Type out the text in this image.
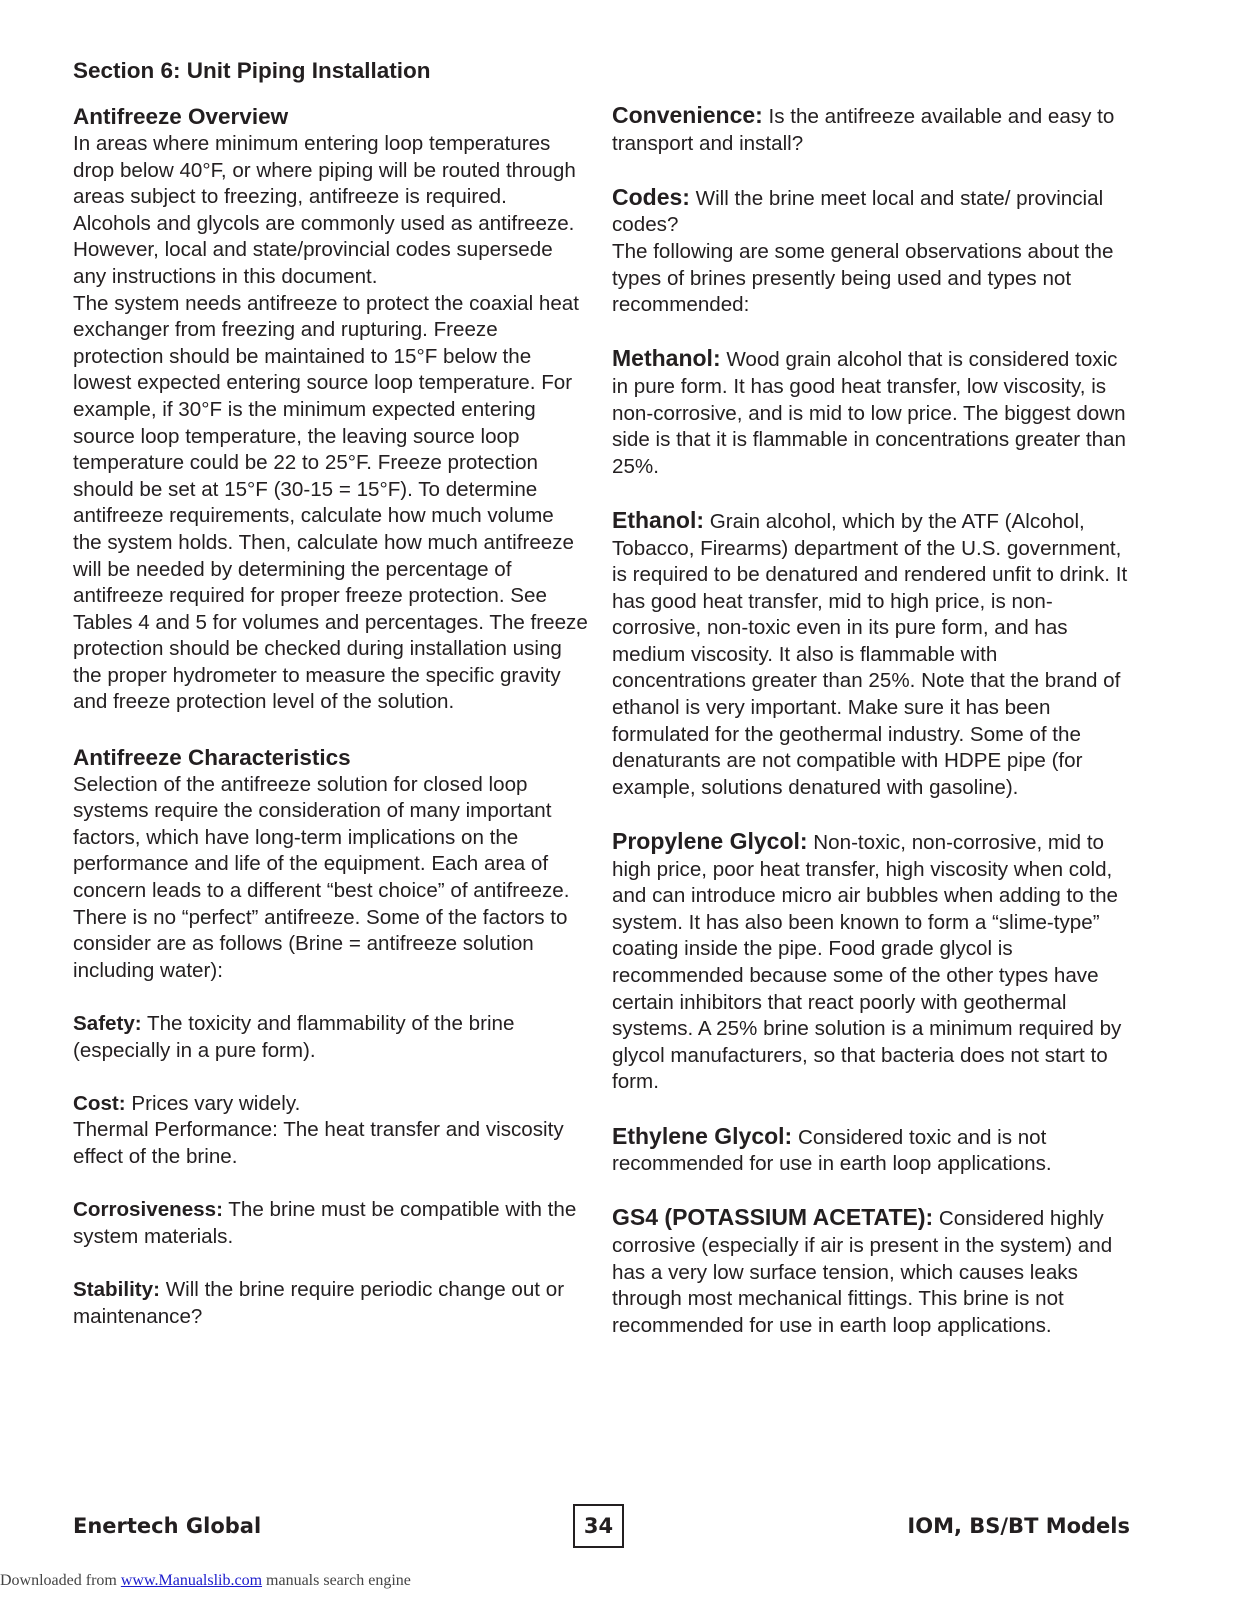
Section 6: Unit Piping Installation
Antifreeze Overview

In areas where minimum entering loop temperatures drop below 40°F, or where piping will be routed through areas subject to freezing, antifreeze is required. Alcohols and glycols are commonly used as antifreeze. However, local and state/provincial codes supersede any instructions in this document.

The system needs antifreeze to protect the coaxial heat exchanger from freezing and rupturing. Freeze protection should be maintained to 15°F below the lowest expected entering source loop temperature. For example, if 30°F is the minimum expected entering source loop temperature, the leaving source loop temperature could be 22 to 25°F. Freeze protection should be set at 15°F (30-15 = 15°F). To determine antifreeze requirements, calculate how much volume the system holds. Then, calculate how much antifreeze will be needed by determining the percentage of antifreeze required for proper freeze protection. See Tables 4 and 5 for volumes and percentages. The freeze protection should be checked during installation using the proper hydrometer to measure the specific gravity and freeze protection level of the solution.

Antifreeze Characteristics

Selection of the antifreeze solution for closed loop systems require the consideration of many important factors, which have long-term implications on the performance and life of the equipment. Each area of concern leads to a different “best choice” of antifreeze. There is no “perfect” antifreeze. Some of the factors to consider are as follows (Brine = antifreeze solution including water):

Safety: The toxicity and flammability of the brine (especially in a pure form).

Cost: Prices vary widely.

Thermal Performance: The heat transfer and viscosity effect of the brine.

Corrosiveness: The brine must be compatible with the system materials.

Stability: Will the brine require periodic change out or maintenance?

Convenience: Is the antifreeze available and easy to transport and install?

Codes: Will the brine meet local and state/ provincial codes?

The following are some general observations about the types of brines presently being used and types not recommended:

Methanol: Wood grain alcohol that is considered toxic in pure form. It has good heat transfer, low viscosity, is non-corrosive, and is mid to low price. The biggest down side is that it is flammable in concentrations greater than 25%.

Ethanol: Grain alcohol, which by the ATF (Alcohol, Tobacco, Firearms) department of the U.S. government, is required to be denatured and rendered unfit to drink. It has good heat transfer, mid to high price, is non-corrosive, non-toxic even in its pure form, and has medium viscosity. It also is flammable with concentrations greater than 25%. Note that the brand of ethanol is very important. Make sure it has been formulated for the geothermal industry. Some of the denaturants are not compatible with HDPE pipe (for example, solutions denatured with gasoline).

Propylene Glycol: Non-toxic, non-corrosive, mid to high price, poor heat transfer, high viscosity when cold, and can introduce micro air bubbles when adding to the system. It has also been known to form a “slime-type” coating inside the pipe. Food grade glycol is recommended because some of the other types have certain inhibitors that react poorly with geothermal systems. A 25% brine solution is a minimum required by glycol manufacturers, so that bacteria does not start to form.

Ethylene Glycol: Considered toxic and is not recommended for use in earth loop applications.

GS4 (POTASSIUM ACETATE): Considered highly corrosive (especially if air is present in the system) and has a very low surface tension, which causes leaks through most mechanical fittings. This brine is not recommended for use in earth loop applications.

Enertech Global	34	IOM, BS/BT Models
Downloaded from www.Manualslib.com manuals search engine
